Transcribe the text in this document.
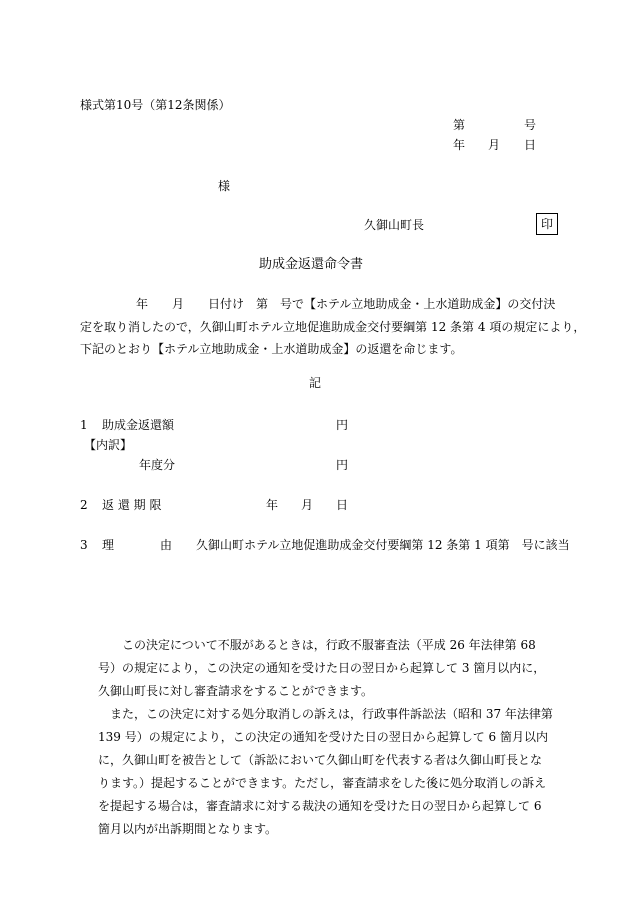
様式第10号（第12条関係）
第	号
年 月 日
様
久御山町長	印
助成金返還命令書
年　　月　　日付け　第　号で【ホテル立地助成金・上水道助成金】の交付決
定を取り消したので，久御山町ホテル立地促進助成金交付要綱第 12 条第 4 項の規定により，
下記のとおり【ホテル立地助成金・上水道助成金】の返還を命じます。
記
1 助成金返還額	円
【内訳】
年度分	円
2 返 還 期 限	年 月 日
3 理	由 久御山町ホテル立地促進助成金交付要綱第 12 条第 1 項第　号に該当
この決定について不服があるときは，行政不服審査法（平成 26 年法律第 68 号）の規定により，この決定の通知を受けた日の翌日から起算して 3 箇月以内に，久御山町長に対し審査請求をすることができます。
また，この決定に対する処分取消しの訴えは，行政事件訴訟法（昭和 37 年法律第 139 号）の規定により，この決定の通知を受けた日の翌日から起算して 6 箇月以内に，久御山町を被告として（訴訟において久御山町を代表する者は久御山町長となります。）提起することができます。ただし，審査請求をした後に処分取消しの訴えを提起する場合は，審査請求に対する裁決の通知を受けた日の翌日から起算して 6 箇月以内が出訴期間となります。
